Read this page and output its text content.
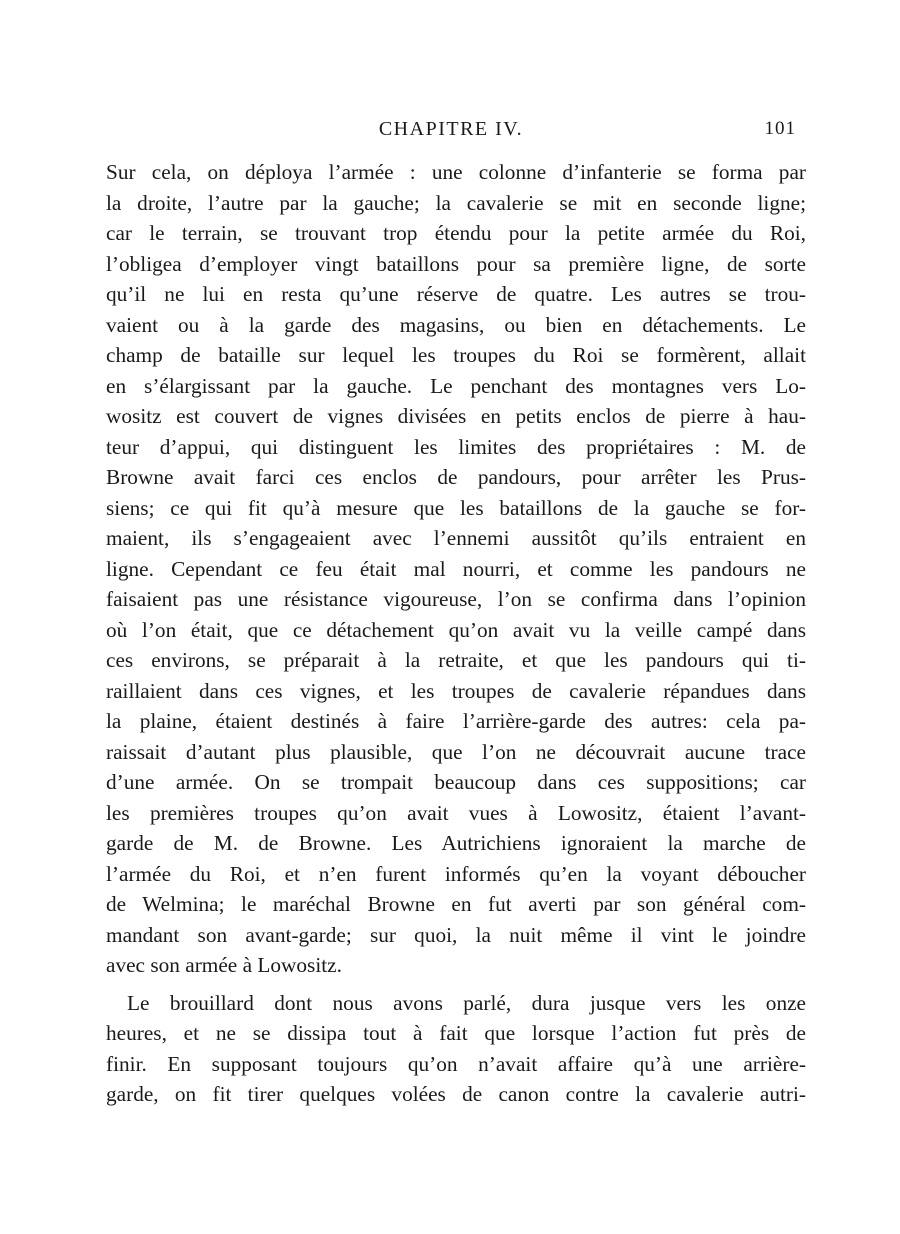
CHAPITRE IV.	101
Sur cela, on déploya l’armée : une colonne d’infanterie se forma par
la droite, l’autre par la gauche; la cavalerie se mit en seconde ligne;
car le terrain, se trouvant trop étendu pour la petite armée du Roi,
l’obligea d’employer vingt bataillons pour sa première ligne, de sorte
qu’il ne lui en resta qu’une réserve de quatre. Les autres se trou-
vaient ou à la garde des magasins, ou bien en détachements. Le
champ de bataille sur lequel les troupes du Roi se formèrent, allait
en s’élargissant par la gauche. Le penchant des montagnes vers Lo-
wositz est couvert de vignes divisées en petits enclos de pierre à hau-
teur d’appui, qui distinguent les limites des propriétaires : M. de
Browne avait farci ces enclos de pandours, pour arrêter les Prus-
siens; ce qui fit qu’à mesure que les bataillons de la gauche se for-
maient, ils s’engageaient avec l’ennemi aussitôt qu’ils entraient en
ligne. Cependant ce feu était mal nourri, et comme les pandours ne
faisaient pas une résistance vigoureuse, l’on se confirma dans l’opinion
où l’on était, que ce détachement qu’on avait vu la veille campé dans
ces environs, se préparait à la retraite, et que les pandours qui ti-
raillaient dans ces vignes, et les troupes de cavalerie répandues dans
la plaine, étaient destinés à faire l’arrière-garde des autres: cela pa-
raissait d’autant plus plausible, que l’on ne découvrait aucune trace
d’une armée. On se trompait beaucoup dans ces suppositions; car
les premières troupes qu’on avait vues à Lowositz, étaient l’avant-
garde de M. de Browne. Les Autrichiens ignoraient la marche de
l’armée du Roi, et n’en furent informés qu’en la voyant déboucher
de Welmina; le maréchal Browne en fut averti par son général com-
mandant son avant-garde; sur quoi, la nuit même il vint le joindre
avec son armée à Lowositz.
Le brouillard dont nous avons parlé, dura jusque vers les onze
heures, et ne se dissipa tout à fait que lorsque l’action fut près de
finir. En supposant toujours qu’on n’avait affaire qu’à une arrière-
garde, on fit tirer quelques volées de canon contre la cavalerie autri-
